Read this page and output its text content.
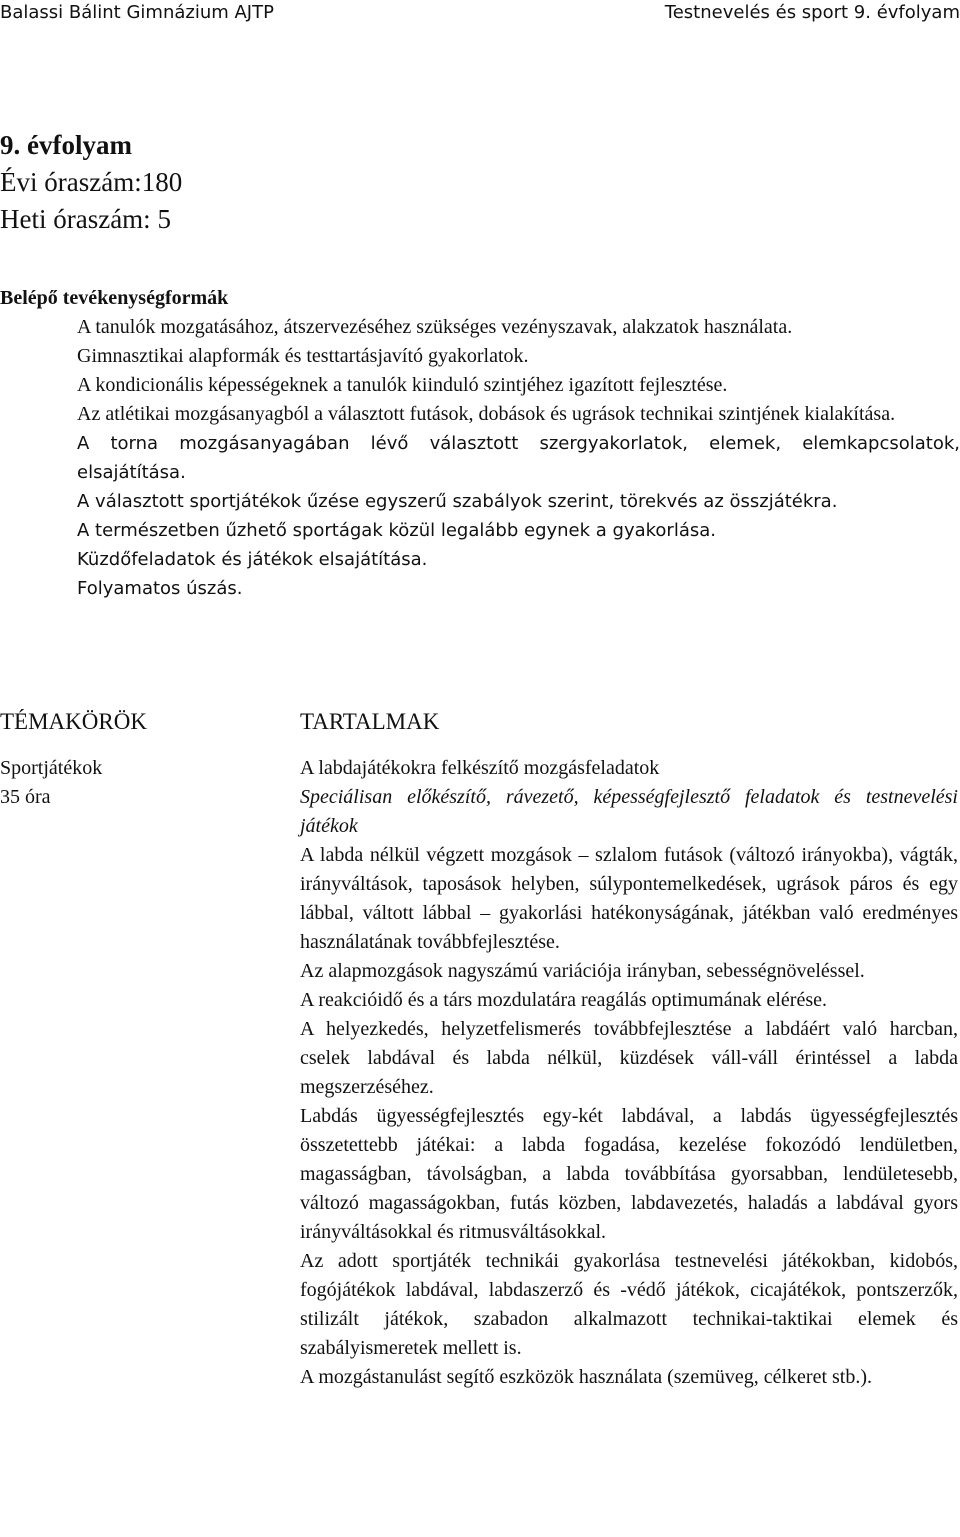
Balassi Bálint Gimnázium AJTP	Testnevelés és sport 9. évfolyam
9. évfolyam
Évi óraszám:180
Heti óraszám: 5
Belépő tevékenységformák
A tanulók mozgatásához, átszervezéséhez szükséges vezényszavak, alakzatok használata.
Gimnasztikai alapformák és testtartásjavító gyakorlatok.
A kondicionális képességeknek a tanulók kiinduló szintjéhez igazított fejlesztése.
Az atlétikai mozgásanyagból a választott futások, dobások és ugrások technikai szintjének kialakítása.
A torna mozgásanyagában lévő választott szergyakorlatok, elemek, elemkapcsolatok, elsajátítása.
A választott sportjátékok űzése egyszerű szabályok szerint, törekvés az összjátékra.
A természetben űzhető sportágak közül legalább egynek a gyakorlása.
Küzdőfeladatok és játékok elsajátítása.
Folyamatos úszás.
TÉMAKÖRÖK
Sportjátékok
35 óra
TARTALMAK

A labdajátékokra felkészítő mozgásfeladatok

Speciálisan előkészítő, rávezető, képességfejlesztő feladatok és testnevelési játékok

A labda nélkül végzett mozgások – szlalom futások (változó irányokba), vágták, irányváltások, taposások helyben, súlypontemelkedések, ugrások páros és egy lábbal, váltott lábbal – gyakorlási hatékonyságának, játékban való eredményes használatának továbbfejlesztése.

Az alapmozgások nagyszámú variációja irányban, sebességnöveléssel.

A reakcióidő és a társ mozdulatára reagálás optimumának elérése.

A helyezkedés, helyzetfelismerés továbbfejlesztése a labdáért való harcban, cselek labdával és labda nélkül, küzdések váll-váll érintéssel a labda megszerzéséhez.

Labdás ügyességfejlesztés egy-két labdával, a labdás ügyességfejlesztés összetettebb játékai: a labda fogadása, kezelése fokozódó lendületben, magasságban, távolságban, a labda továbbítása gyorsabban, lendületesebb, változó magasságokban, futás közben, labdavezetés, haladás a labdával gyors irányváltásokkal és ritmusváltásokkal.

Az adott sportjáték technikái gyakorlása testnevelési játékokban, kidobós, fogójátékok labdával, labdaszerző és -védő játékok, cicajátékok, pontszerzők, stilizált játékok, szabadon alkalmazott technikai-taktikai elemek és szabályismeretek mellett is.

A mozgástanulást segítő eszközök használata (szemüveg, célkeret stb.).
